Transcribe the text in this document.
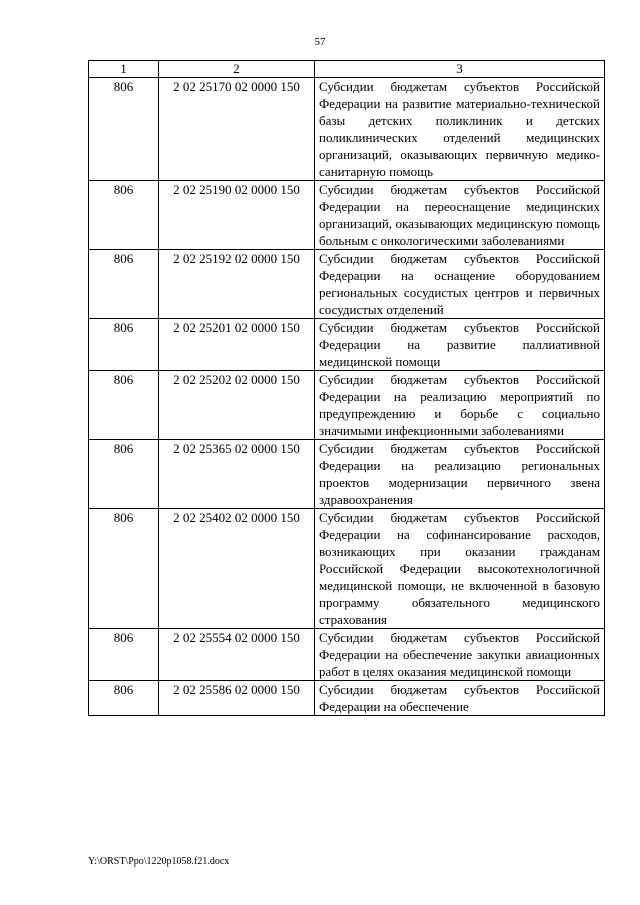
57
1	2	3
806	2 02 25170 02 0000 150	Субсидии бюджетам субъектов Российской Федерации на развитие материально-технической базы детских поликлиник и детских поликлинических отделений медицинских организаций, оказывающих первичную медико-санитарную помощь
806	2 02 25190 02 0000 150	Субсидии бюджетам субъектов Российской Федерации на переоснащение медицинских организаций, оказывающих медицинскую помощь больным с онкологическими заболеваниями
806	2 02 25192 02 0000 150	Субсидии бюджетам субъектов Российской Федерации на оснащение оборудованием региональных сосудистых центров и первичных сосудистых отделений
806	2 02 25201 02 0000 150	Субсидии бюджетам субъектов Российской Федерации на развитие паллиативной медицинской помощи
806	2 02 25202 02 0000 150	Субсидии бюджетам субъектов Российской Федерации на реализацию мероприятий по предупреждению и борьбе с социально значимыми инфекционными заболеваниями
806	2 02 25365 02 0000 150	Субсидии бюджетам субъектов Российской Федерации на реализацию региональных проектов модернизации первичного звена здравоохранения
806	2 02 25402 02 0000 150	Субсидии бюджетам субъектов Российской Федерации на софинансирование расходов, возникающих при оказании гражданам Российской Федерации высокотехнологичной медицинской помощи, не включенной в базовую программу обязательного медицинского страхования
806	2 02 25554 02 0000 150	Субсидии бюджетам субъектов Российской Федерации на обеспечение закупки авиационных работ в целях оказания медицинской помощи
806	2 02 25586 02 0000 150	Субсидии бюджетам субъектов Российской Федерации на обеспечение
Y:\ORST\Ppo\1220p1058.f21.docx
